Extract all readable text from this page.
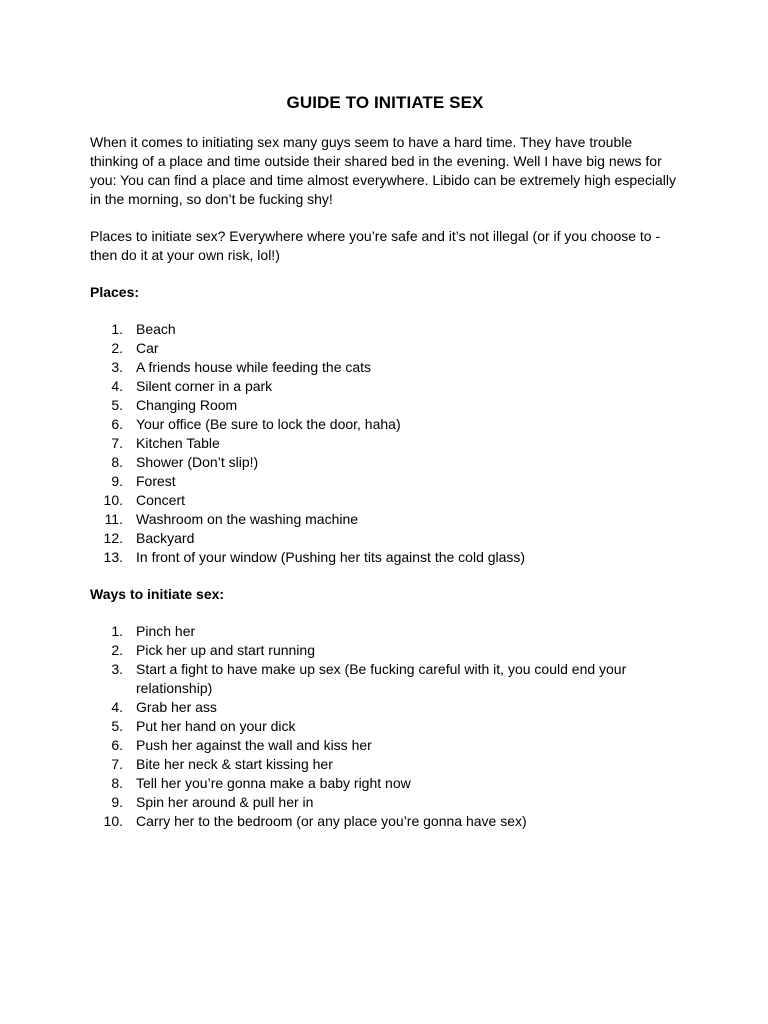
GUIDE TO INITIATE SEX

When it comes to initiating sex many guys seem to have a hard time. They have trouble thinking of a place and time outside their shared bed in the evening. Well I have big news for you: You can find a place and time almost everywhere. Libido can be extremely high especially in the morning, so don’t be fucking shy!

Places to initiate sex? Everywhere where you’re safe and it’s not illegal (or if you choose to - then do it at your own risk, lol!)

Places:

1. Beach
2. Car
3. A friends house while feeding the cats
4. Silent corner in a park
5. Changing Room
6. Your office (Be sure to lock the door, haha)
7. Kitchen Table
8. Shower (Don’t slip!)
9. Forest
10. Concert
11. Washroom on the washing machine
12. Backyard
13. In front of your window (Pushing her tits against the cold glass)

Ways to initiate sex:

1. Pinch her
2. Pick her up and start running
3. Start a fight to have make up sex (Be fucking careful with it, you could end your relationship)
4. Grab her ass
5. Put her hand on your dick
6. Push her against the wall and kiss her
7. Bite her neck & start kissing her
8. Tell her you’re gonna make a baby right now
9. Spin her around & pull her in
10. Carry her to the bedroom (or any place you’re gonna have sex)
